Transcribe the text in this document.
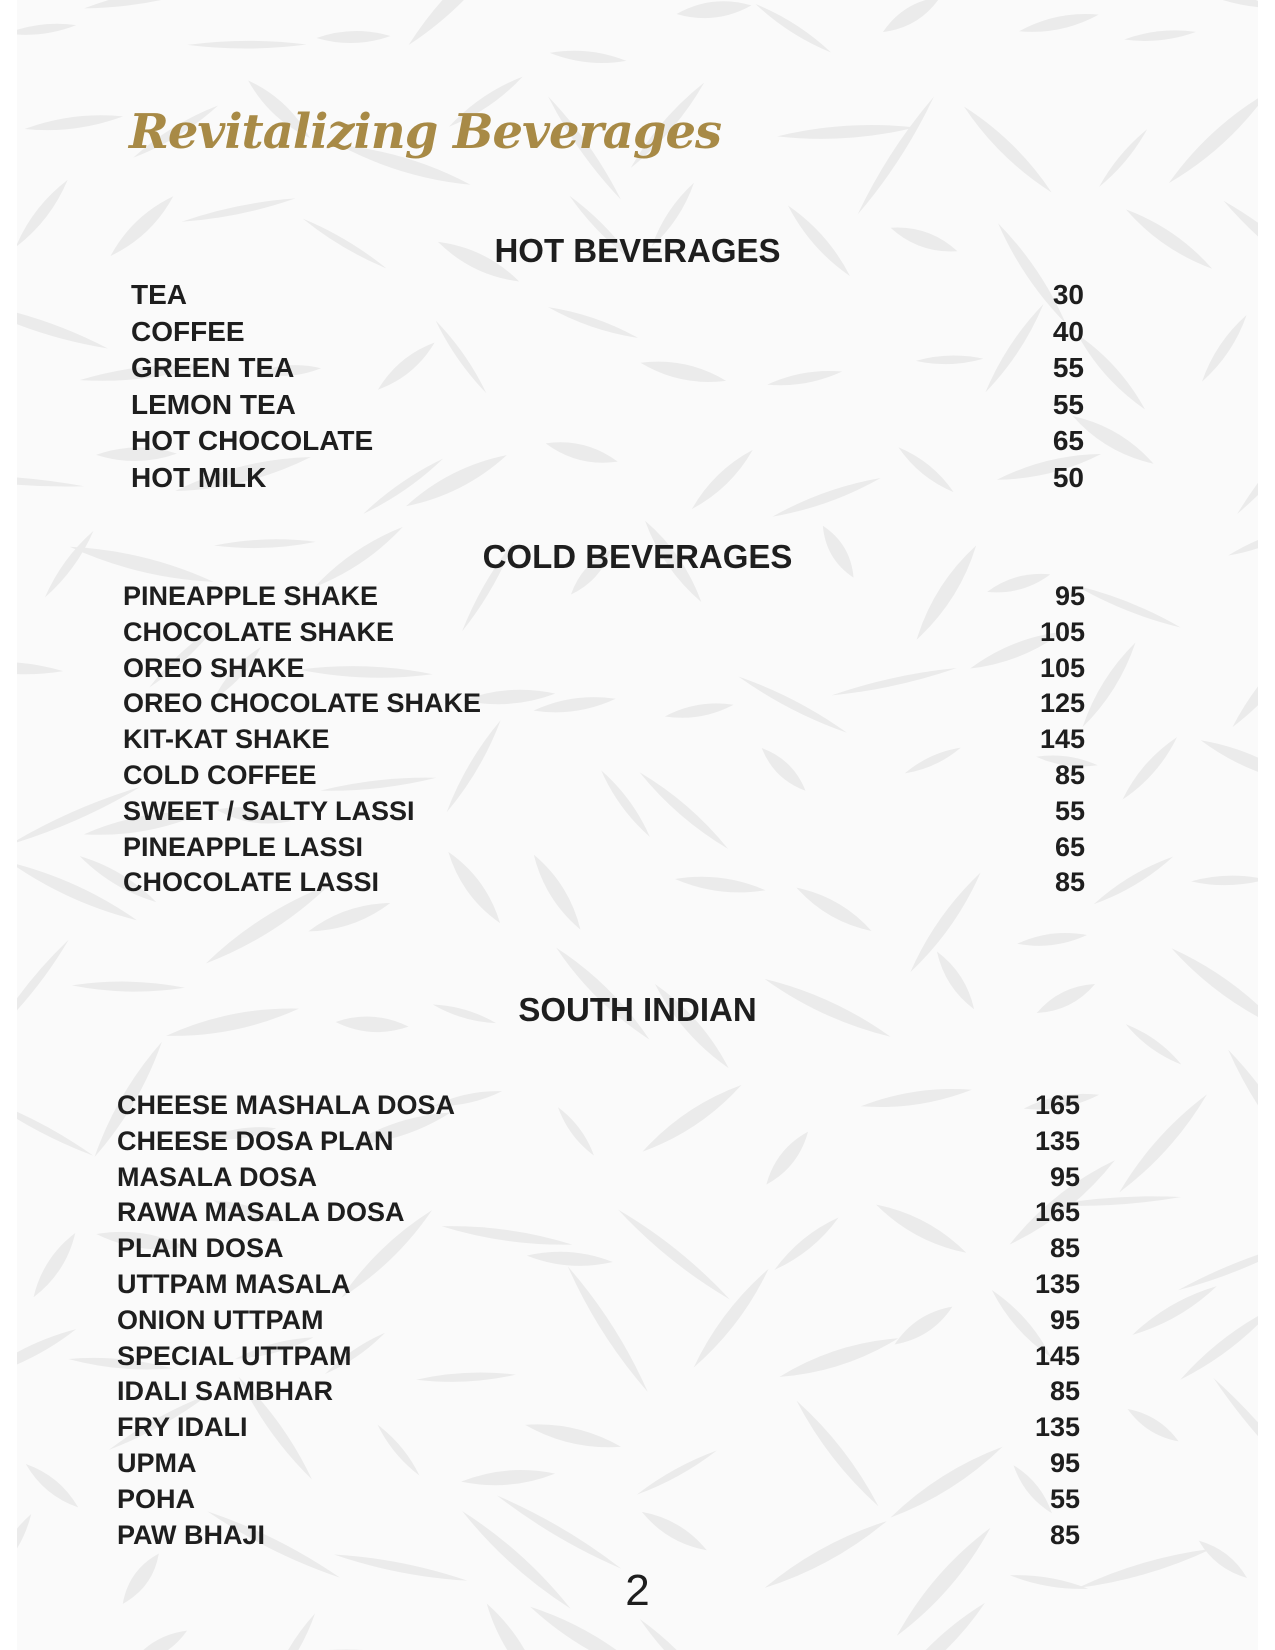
Revitalizing Beverages
HOT BEVERAGES
TEA	30
COFFEE	40
GREEN TEA	55
LEMON TEA	55
HOT CHOCOLATE	65
HOT MILK	50
COLD BEVERAGES
PINEAPPLE SHAKE	95
CHOCOLATE SHAKE	105
OREO SHAKE	105
OREO CHOCOLATE SHAKE	125
KIT-KAT SHAKE	145
COLD COFFEE	85
SWEET / SALTY LASSI	55
PINEAPPLE LASSI	65
CHOCOLATE LASSI	85
SOUTH INDIAN
CHEESE MASHALA DOSA	165
CHEESE DOSA PLAN	135
MASALA DOSA	95
RAWA MASALA DOSA	165
PLAIN DOSA	85
UTTPAM MASALA	135
ONION UTTPAM	95
SPECIAL UTTPAM	145
IDALI SAMBHAR	85
FRY IDALI	135
UPMA	95
POHA	55
PAW BHAJI	85
2
